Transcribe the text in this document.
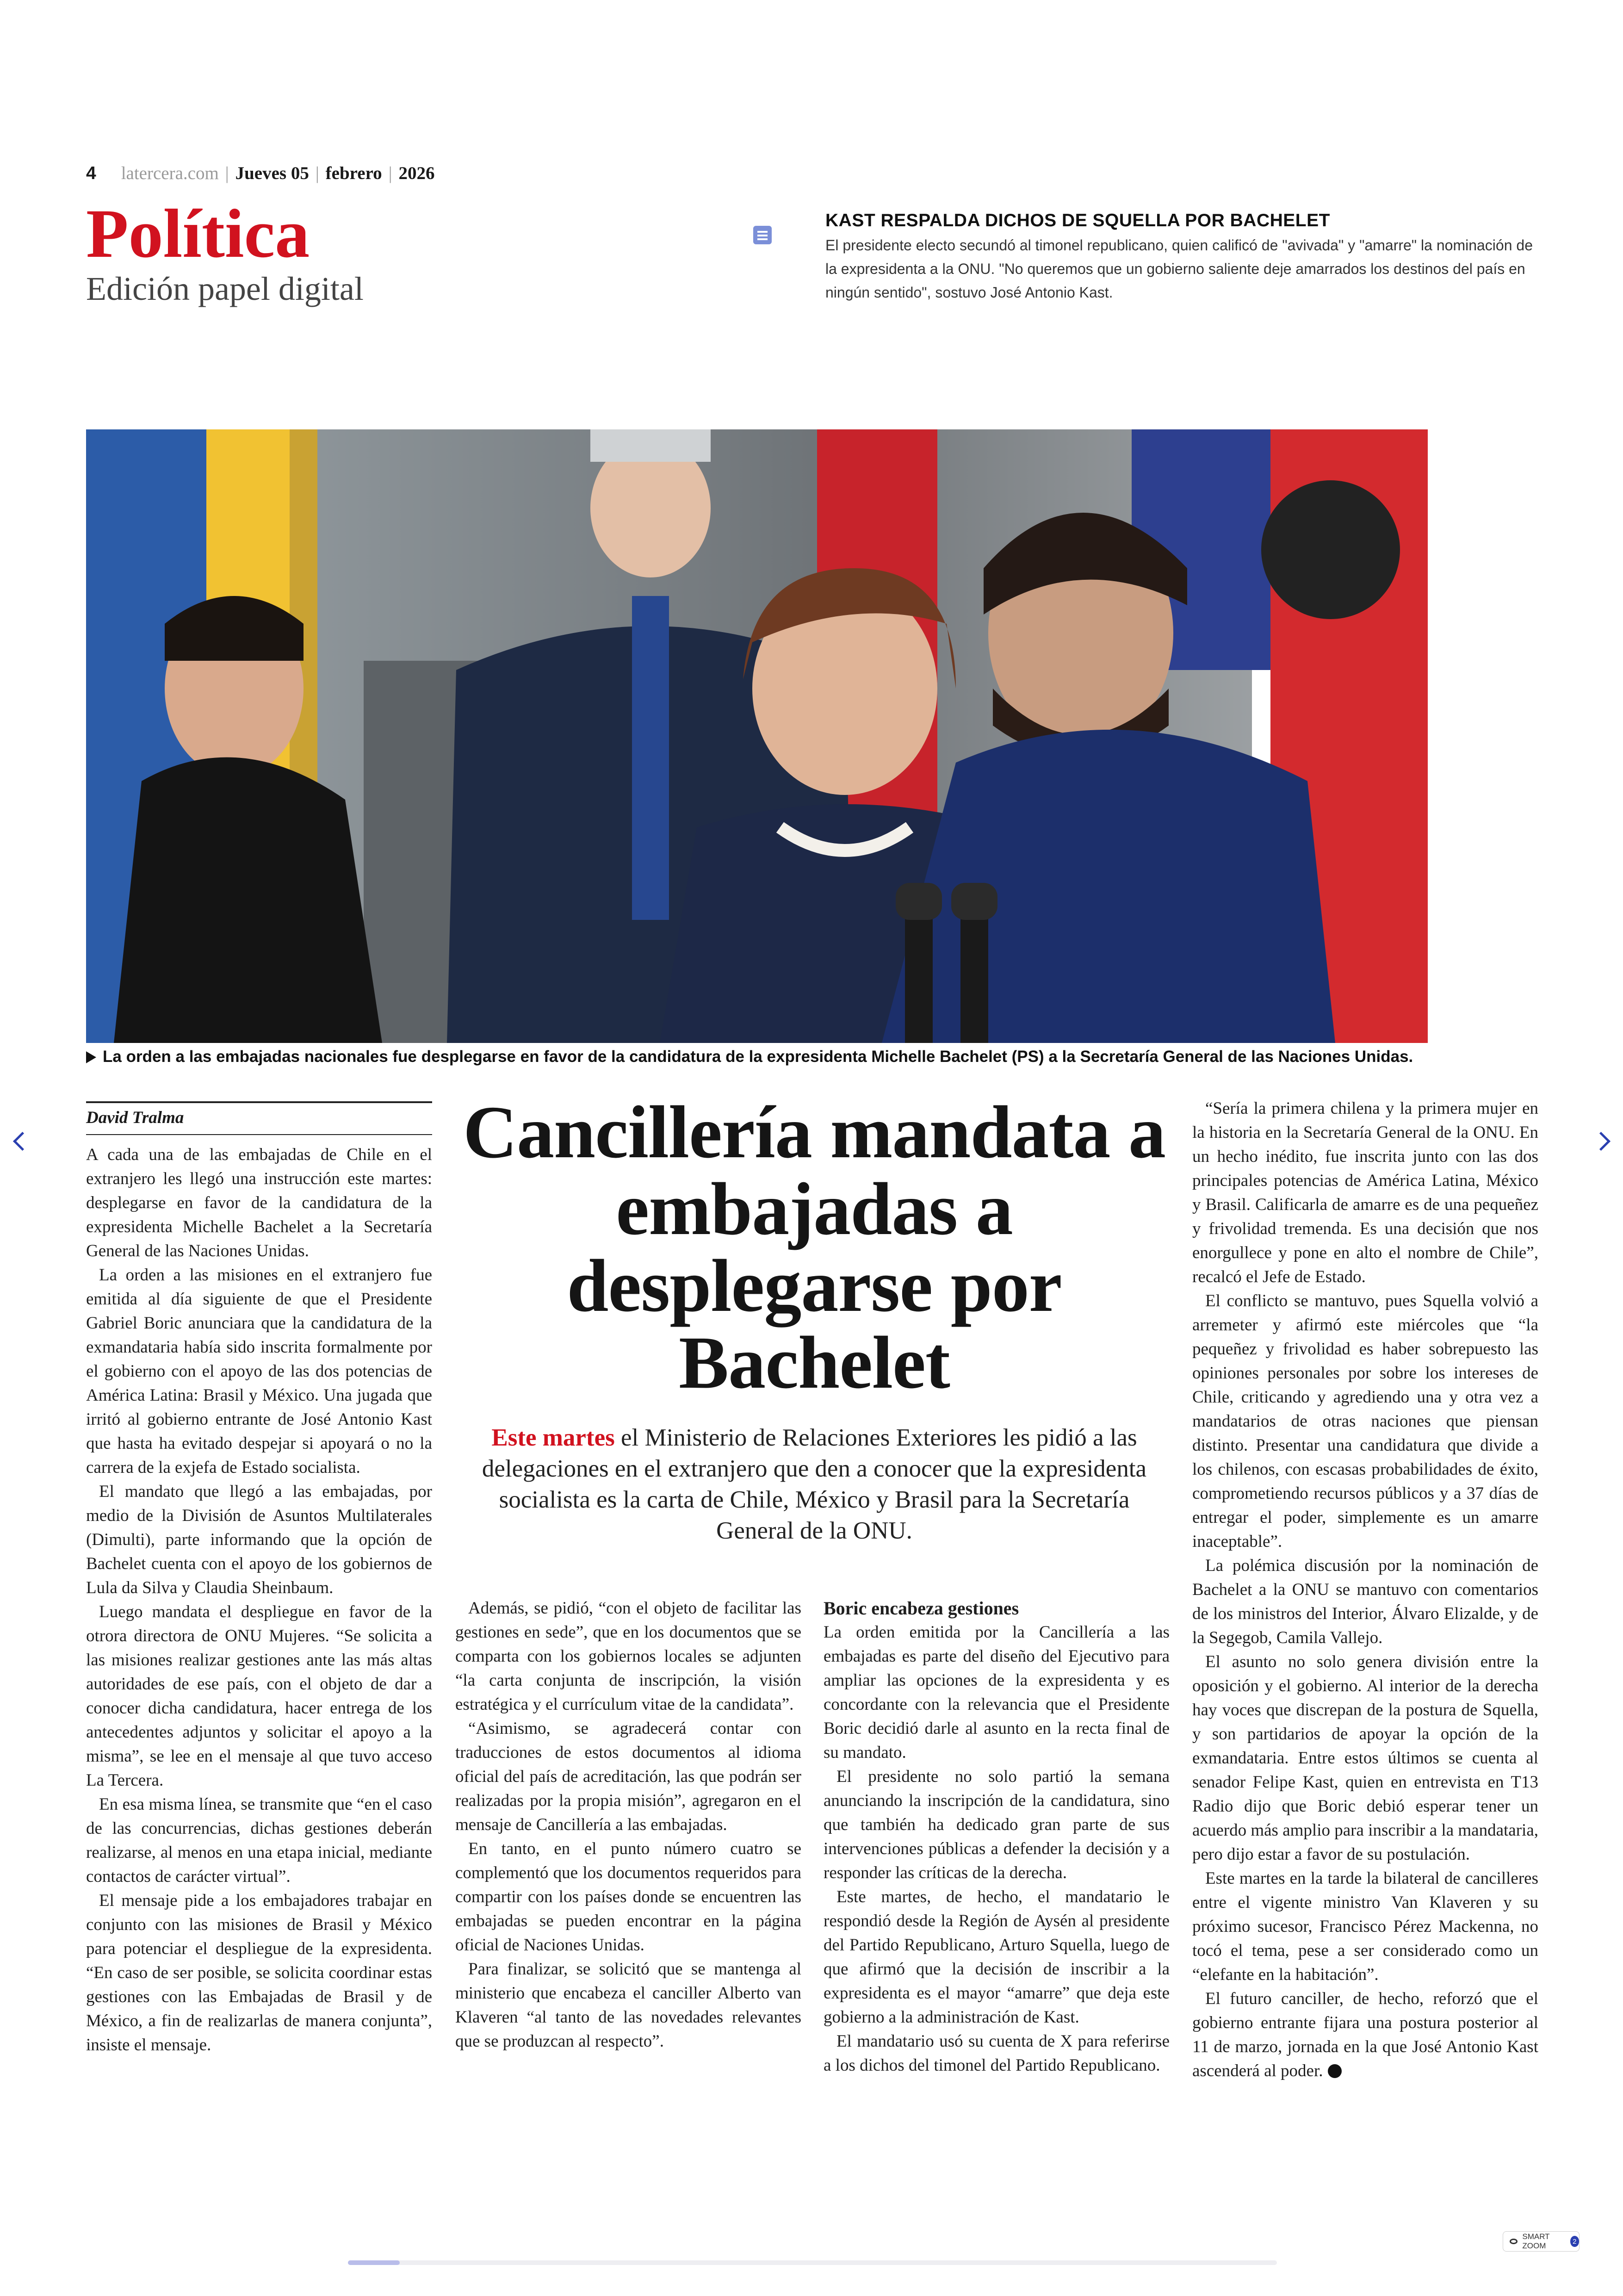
4 latercera.com | Jueves 05 | febrero | 2026
Política
Edición papel digital
KAST RESPALDA DICHOS DE SQUELLA POR BACHELET

El presidente electo secundó al timonel republicano, quien calificó de "avivada" y "amarre" la nominación de la expresidenta a la ONU. "No queremos que un gobierno saliente deje amarrados los destinos del país en ningún sentido", sostuvo José Antonio Kast.

La orden a las embajadas nacionales fue desplegarse en favor de la candidatura de la expresidenta Michelle Bachelet (PS) a la Secretaría General de las Naciones Unidas.
David Tralma

A cada una de las embajadas de Chile en el extranjero les llegó una instrucción este martes: desplegarse en favor de la candidatura de la expresidenta Michelle Bachelet a la Secretaría General de las Naciones Unidas.

La orden a las misiones en el extranjero fue emitida al día siguiente de que el Presidente Gabriel Boric anunciara que la candidatura de la exmandataria había sido inscrita formalmente por el gobierno con el apoyo de las dos potencias de América Latina: Brasil y México. Una jugada que irritó al gobierno entrante de José Antonio Kast que hasta ha evitado despejar si apoyará o no la carrera de la exjefa de Estado socialista.

El mandato que llegó a las embajadas, por medio de la División de Asuntos Multilaterales (Dimulti), parte informando que la opción de Bachelet cuenta con el apoyo de los gobiernos de Lula da Silva y Claudia Sheinbaum.

Luego mandata el despliegue en favor de la otrora directora de ONU Mujeres. “Se solicita a las misiones realizar gestiones ante las más altas autoridades de ese país, con el objeto de dar a conocer dicha candidatura, hacer entrega de los antecedentes adjuntos y solicitar el apoyo a la misma”, se lee en el mensaje al que tuvo acceso La Tercera.

En esa misma línea, se transmite que “en el caso de las concurrencias, dichas gestiones deberán realizarse, al menos en una etapa inicial, mediante contactos de carácter virtual”.

El mensaje pide a los embajadores trabajar en conjunto con las misiones de Brasil y México para potenciar el despliegue de la expresidenta. “En caso de ser posible, se solicita coordinar estas gestiones con las Embajadas de Brasil y de México, a fin de realizarlas de manera conjunta”, insiste el mensaje.

Cancillería mandata a embajadas a desplegarse por Bachelet
Este martes el Ministerio de Relaciones Exteriores les pidió a las delegaciones en el extranjero que den a conocer que la expresidenta socialista es la carta de Chile, México y Brasil para la Secretaría General de la ONU.

Además, se pidió, “con el objeto de facilitar las gestiones en sede”, que en los documentos que se comparta con los gobiernos locales se adjunten “la carta conjunta de inscripción, la visión estratégica y el currículum vitae de la candidata”.

“Asimismo, se agradecerá contar con traducciones de estos documentos al idioma oficial del país de acreditación, las que podrán ser realizadas por la propia misión”, agregaron en el mensaje de Cancillería a las embajadas.

En tanto, en el punto número cuatro se complementó que los documentos requeridos para compartir con los países donde se encuentren las embajadas se pueden encontrar en la página oficial de Naciones Unidas.

Para finalizar, se solicitó que se mantenga al ministerio que encabeza el canciller Alberto van Klaveren “al tanto de las novedades relevantes que se produzcan al respecto”.

Boric encabeza gestiones

La orden emitida por la Cancillería a las embajadas es parte del diseño del Ejecutivo para ampliar las opciones de la expresidenta y es concordante con la relevancia que el Presidente Boric decidió darle al asunto en la recta final de su mandato.

El presidente no solo partió la semana anunciando la inscripción de la candidatura, sino que también ha dedicado gran parte de sus intervenciones públicas a defender la decisión y a responder las críticas de la derecha.

Este martes, de hecho, el mandatario le respondió desde la Región de Aysén al presidente del Partido Republicano, Arturo Squella, luego de que afirmó que la decisión de inscribir a la expresidenta es el mayor “amarre” que deja este gobierno a la administración de Kast.

El mandatario usó su cuenta de X para referirse a los dichos del timonel del Partido Republicano.

“Sería la primera chilena y la primera mujer en la historia en la Secretaría General de la ONU. En un hecho inédito, fue inscrita junto con las dos principales potencias de América Latina, México y Brasil. Calificarla de amarre es de una pequeñez y frivolidad tremenda. Es una decisión que nos enorgullece y pone en alto el nombre de Chile”, recalcó el Jefe de Estado.

El conflicto se mantuvo, pues Squella volvió a arremeter y afirmó este miércoles que “la pequeñez y frivolidad es haber sobrepuesto las opiniones personales por sobre los intereses de Chile, criticando y agrediendo una y otra vez a mandatarios de otras naciones que piensan distinto. Presentar una candidatura que divide a los chilenos, con escasas probabilidades de éxito, comprometiendo recursos públicos y a 37 días de entregar el poder, simplemente es un amarre inaceptable”.

La polémica discusión por la nominación de Bachelet a la ONU se mantuvo con comentarios de los ministros del Interior, Álvaro Elizalde, y de la Segegob, Camila Vallejo.

El asunto no solo genera división entre la oposición y el gobierno. Al interior de la derecha hay voces que discrepan de la postura de Squella, y son partidarios de apoyar la opción de la exmandataria. Entre estos últimos se cuenta al senador Felipe Kast, quien en entrevista en T13 Radio dijo que Boric debió esperar tener un acuerdo más amplio para inscribir a la mandataria, pero dijo estar a favor de su postulación.

Este martes en la tarde la bilateral de cancilleres entre el vigente ministro Van Klaveren y su próximo sucesor, Francisco Pérez Mackenna, no tocó el tema, pese a ser considerado como un “elefante en la habitación”.

El futuro canciller, de hecho, reforzó que el gobierno entrante fijara una postura posterior al 11 de marzo, jornada en la que José Antonio Kast ascenderá al poder.

SMART ZOOM	2
